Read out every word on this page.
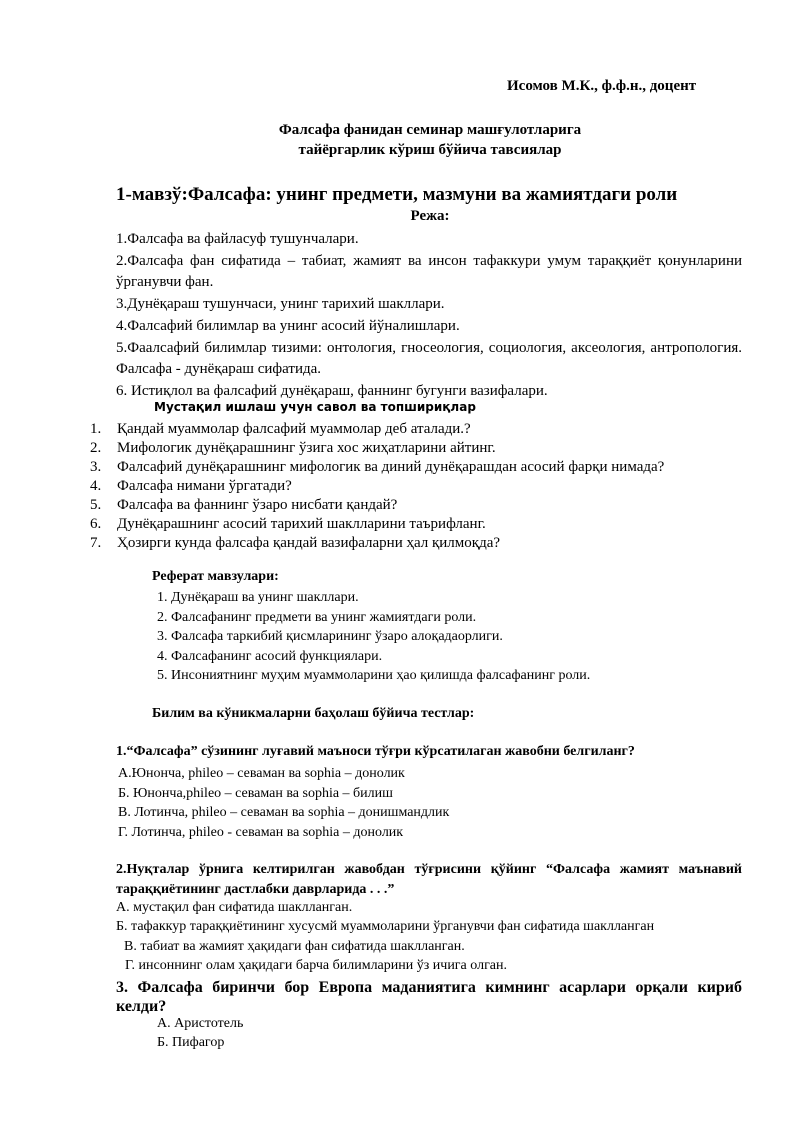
Исомов М.К., ф.ф.н., доцент
Фалсафа фанидан семинар машғулотларига
тайёргарлик кўриш бўйича тавсиялар
1-мавзў:Фалсафа: унинг предмети, мазмуни ва жамиятдаги роли
Режа:

1.Фалсафа ва файласуф тушунчалари.

2.Фалсафа фан сифатида – табиат, жамият ва инсон тафаккури умум тараққиёт қонунларини ўрганувчи фан.

3.Дунёқараш тушунчаси, унинг тарихий шакллари.

4.Фалсафий билимлар ва унинг асосий йўналишлари.

5.Фаалсафий билимлар тизими: онтология, гносеология, социология, аксеология, антропология. Фалсафа - дунёқараш сифатида.

6. Истиқлол ва фалсафий дунёқараш, фаннинг бугунги вазифалари.

Мустақил ишлаш учун савол ва топшириқлар
1. Қандай муаммолар фалсафий муаммолар деб аталади.?
2. Мифологик дунёқарашнинг ўзига хос жиҳатларини айтинг.
3. Фалсафий дунёқарашнинг мифологик ва диний дунёқарашдан асосий фарқи нимада?
4. Фалсафа нимани ўргатади?
5. Фалсафа ва фаннинг ўзаро нисбати қандай?
6. Дунёқарашнинг асосий тарихий шаклларини таърифланг.
7. Ҳозирги кунда фалсафа қандай вазифаларни ҳал қилмоқда?
Реферат мавзулари:
1. Дунёқараш ва унинг шакллари.
2. Фалсафанинг предмети ва унинг жамиятдаги роли.
3. Фалсафа таркибий қисмларининг ўзаро алоқадаорлиги.
4. Фалсафанинг асосий функциялари.
5. Инсониятнинг муҳим муаммоларини ҳао қилишда фалсафанинг роли.
Билим ва кўникмаларни баҳолаш бўйича тестлар:
1.“Фалсафа” сўзининг луғавий маъноси тўғри кўрсатилаган жавобни белгиланг?
А.Юнонча, phileo – севаман ва sophia – донолик
Б. Юнонча,phileo – севаман ва sophia – билиш
В. Лотинча, phileo – севаман ва sophia – донишмандлик
Г. Лотинча, phileo - севаман ва sophia – донолик
2.Нуқталар ўрнига келтирилган жавобдан тўғрисини қўйинг “Фалсафа жамият маънавий тараққиётининг дастлабки даврларида . . .”
А. мустақил фан сифатида шаклланган.
Б. тафаккур тараққиётининг хусусмй муаммоларини ўрганувчи фан сифатида шаклланган
В. табиат ва жамият ҳақидаги фан сифатида шаклланган.
Г. инсоннинг олам ҳақидаги барча билимларини ўз ичига олган.
3. Фалсафа биринчи бор Европа маданиятига кимнинг асарлари орқали кириб келди?
А. Аристотель
Б. Пифагор
